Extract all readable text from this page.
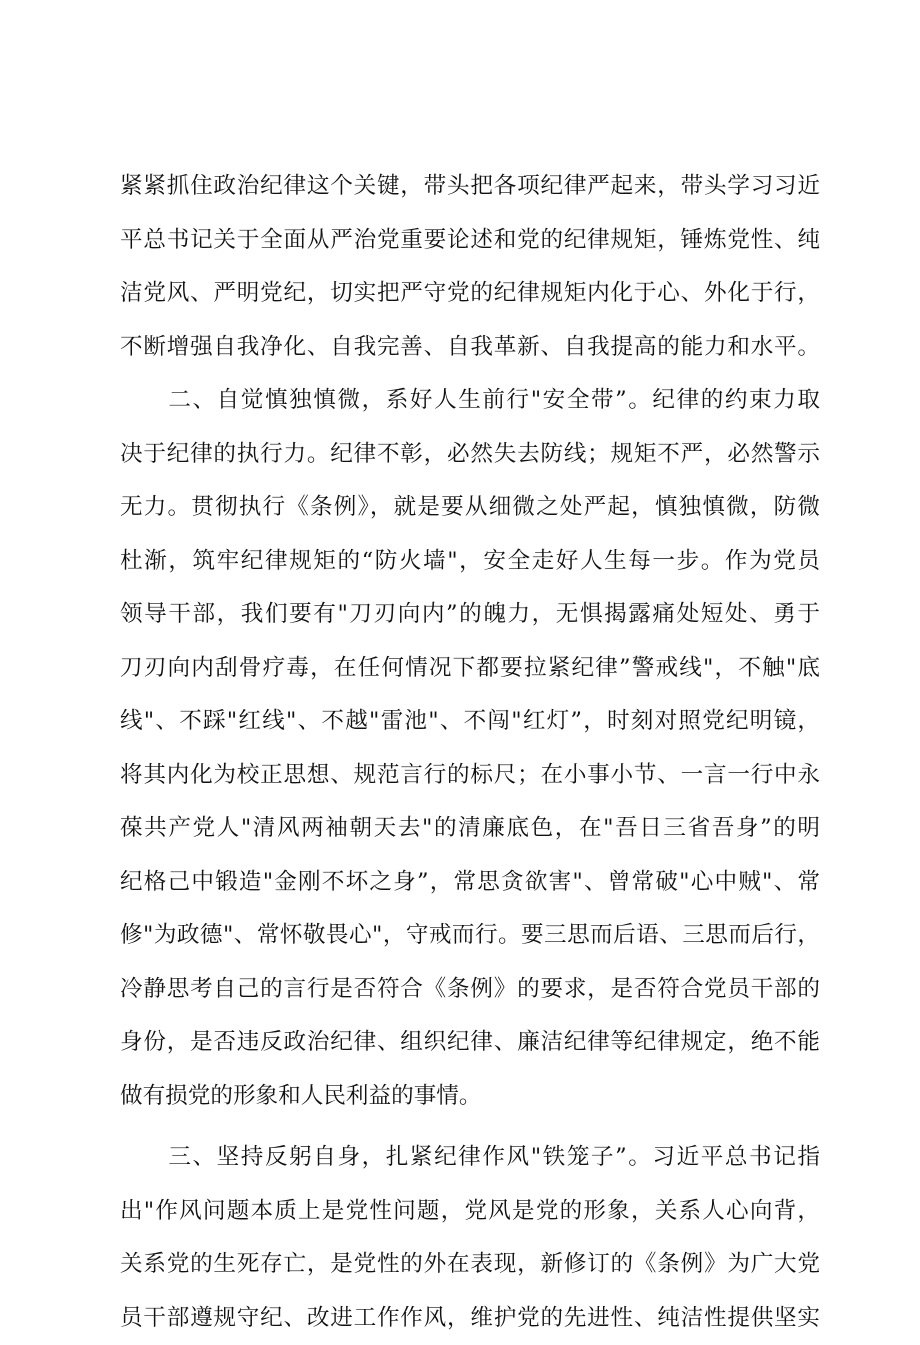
紧紧抓住政治纪律这个关键，带头把各项纪律严起来，带头学习习近
平总书记关于全面从严治党重要论述和党的纪律规矩，锤炼党性、纯
洁党风、严明党纪，切实把严守党的纪律规矩内化于心、外化于行，
不断增强自我净化、自我完善、自我革新、自我提高的能力和水平。
　　二、自觉慎独慎微，系好人生前行"安全带”。纪律的约束力取
决于纪律的执行力。纪律不彰，必然失去防线；规矩不严，必然警示
无力。贯彻执行《条例》，就是要从细微之处严起，慎独慎微，防微
杜渐，筑牢纪律规矩的“防火墙"，安全走好人生每一步。作为党员
领导干部，我们要有"刀刃向内”的魄力，无惧揭露痛处短处、勇于
刀刃向内刮骨疗毒，在任何情况下都要拉紧纪律”警戒线"，不触"底
线"、不踩"红线"、不越"雷池"、不闯"红灯”，时刻对照党纪明镜，
将其内化为校正思想、规范言行的标尺；在小事小节、一言一行中永
葆共产党人"清风两袖朝天去"的清廉底色，在"吾日三省吾身”的明
纪格己中锻造"金刚不坏之身”，常思贪欲害"、曾常破"心中贼"、常
修"为政德"、常怀敬畏心"，守戒而行。要三思而后语、三思而后行，
冷静思考自己的言行是否符合《条例》的要求，是否符合党员干部的
身份，是否违反政治纪律、组织纪律、廉洁纪律等纪律规定，绝不能
做有损党的形象和人民利益的事情。
　　三、坚持反躬自身，扎紧纪律作风"铁笼子”。习近平总书记指
出"作风问题本质上是党性问题，党风是党的形象，关系人心向背，
关系党的生死存亡，是党性的外在表现，新修订的《条例》为广大党
员干部遵规守纪、改进工作作风，维护党的先进性、纯洁性提供坚实
